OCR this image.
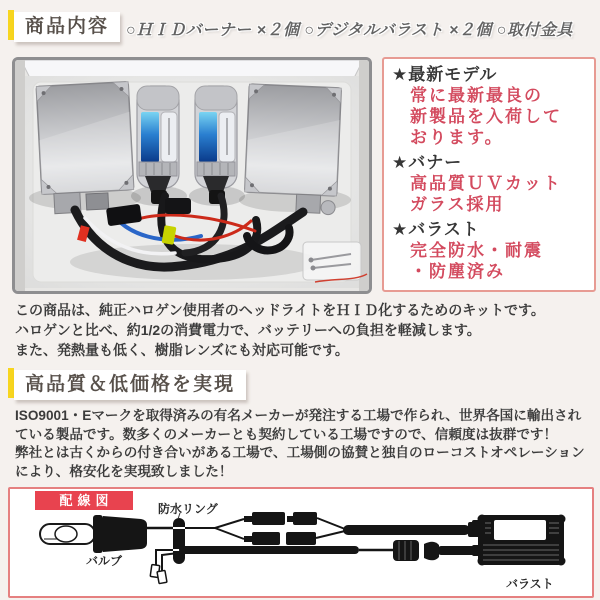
商品内容	○ＨＩＤバーナー ×２個 ○デジタルバラスト ×２個 ○取付金具
★最新モデル
常に最新最良の
新製品を入荷して
おります。
★バナー
高品質ＵＶカット
ガラス採用
★バラスト
完全防水・耐震
・防塵済み
この商品は、純正ハロゲン使用者のヘッドライトをＨＩＤ化するためのキットです。
ハロゲンと比べ、約1/2の消費電力で、バッテリーへの負担を軽減します。
また、発熱量も低く、樹脂レンズにも対応可能です。
高品質＆低価格を実現
ISO9001・Eマークを取得済みの有名メーカーが発注する工場で作られ、世界各国に輸出され
ている製品です。数多くのメーカーとも契約している工場ですので、信頼度は抜群です！
弊社とは古くからの付き合いがある工場で、工場側の協賛と独自のローコストオペレーション
により、格安化を実現致しました！
配線図
防水リング
バルブ
バラスト
